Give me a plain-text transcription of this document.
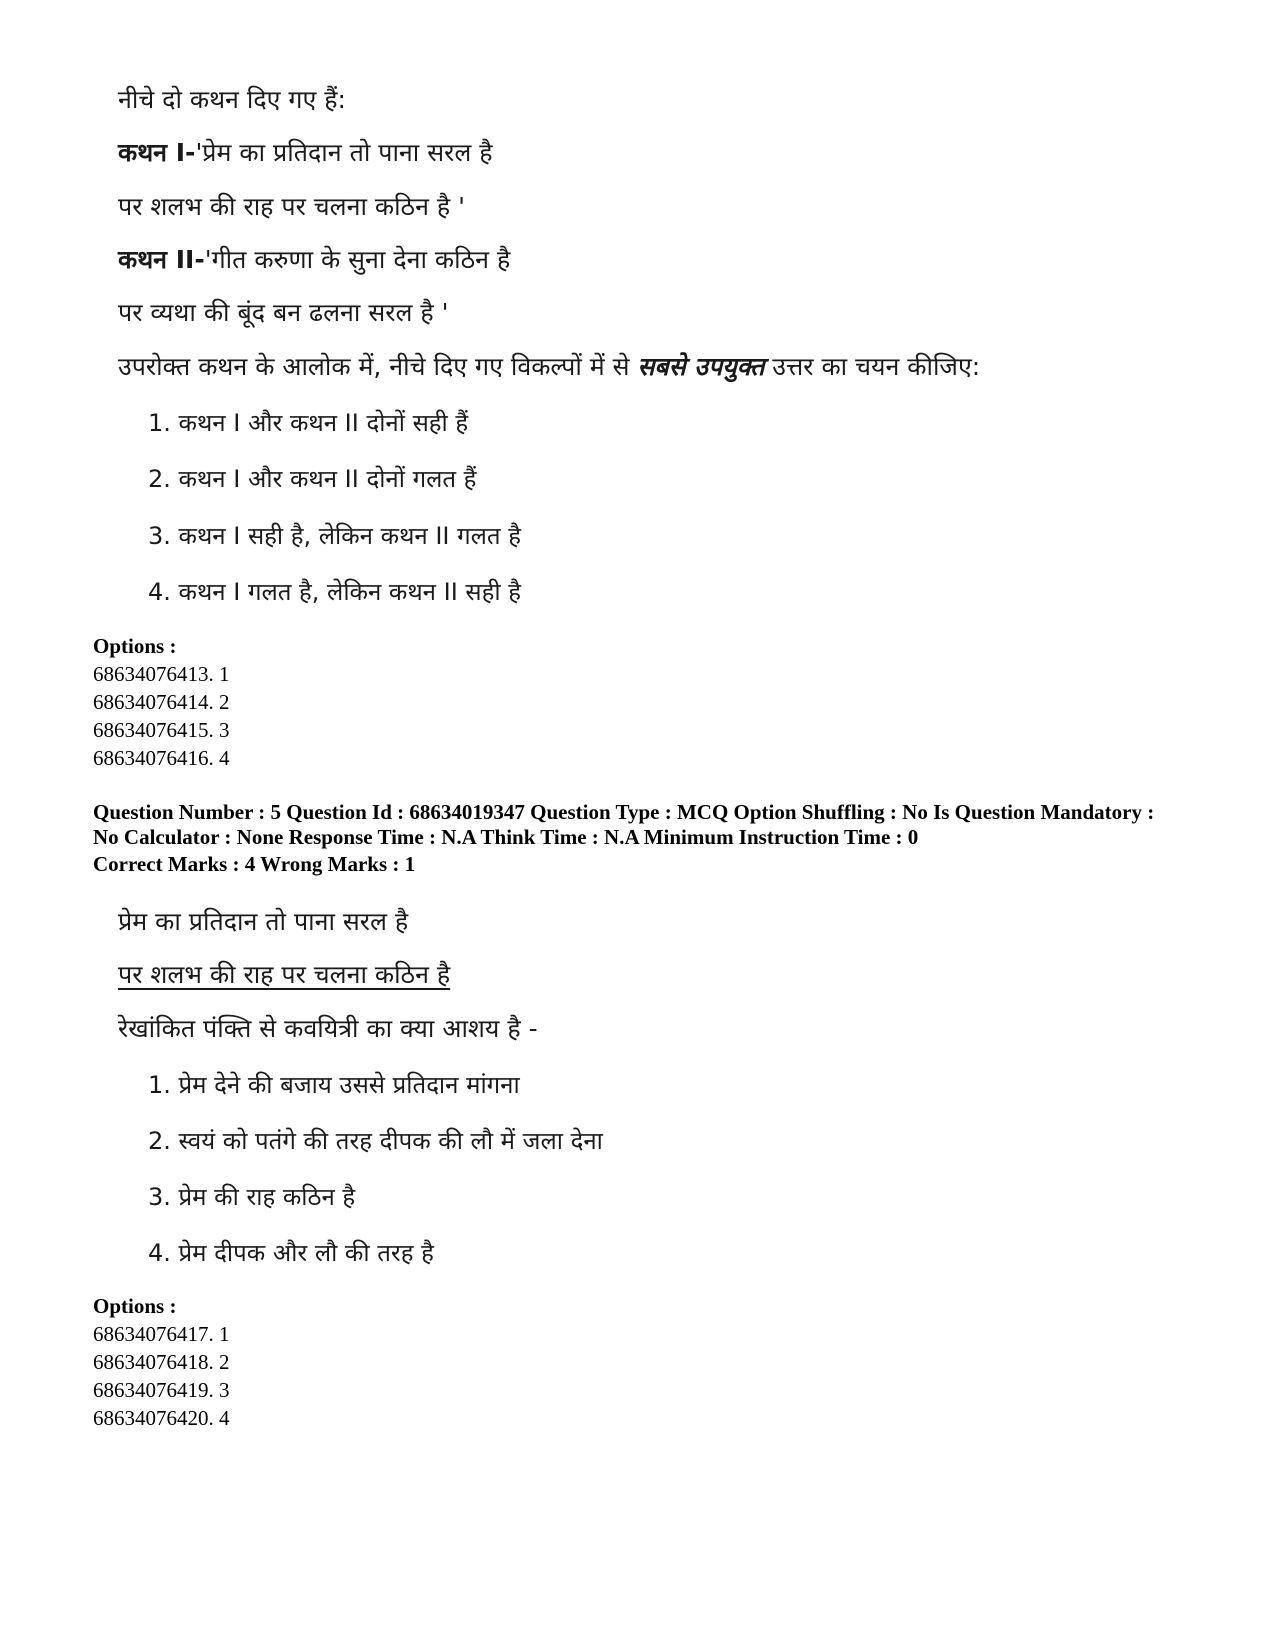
नीचे दो कथन दिए गए हैं:
कथन I-'प्रेम का प्रतिदान तो पाना सरल है
पर शलभ की राह पर चलना कठिन है '
कथन II-'गीत करुणा के सुना देना कठिन है
पर व्यथा की बूंद बन ढलना सरल है '
उपरोक्त कथन के आलोक में, नीचे दिए गए विकल्पों में से सबसे उपयुक्त उत्तर का चयन कीजिए:
1. कथन I और कथन II दोनों सही हैं
2. कथन I और कथन II दोनों गलत हैं
3. कथन I सही है, लेकिन कथन II गलत है
4. कथन I गलत है, लेकिन कथन II सही है
Options :
68634076413. 1
68634076414. 2
68634076415. 3
68634076416. 4
Question Number : 5 Question Id : 68634019347 Question Type : MCQ Option Shuffling : No Is Question Mandatory : No Calculator : None Response Time : N.A Think Time : N.A Minimum Instruction Time : 0
Correct Marks : 4 Wrong Marks : 1
प्रेम का प्रतिदान तो पाना सरल है
पर शलभ की राह पर चलना कठिन है
रेखांकित पंक्ति से कवयित्री का क्या आशय है -
1. प्रेम देने की बजाय उससे प्रतिदान मांगना
2. स्वयं को पतंगे की तरह दीपक की लौ में जला देना
3. प्रेम की राह कठिन है
4. प्रेम दीपक और लौ की तरह है
Options :
68634076417. 1
68634076418. 2
68634076419. 3
68634076420. 4
